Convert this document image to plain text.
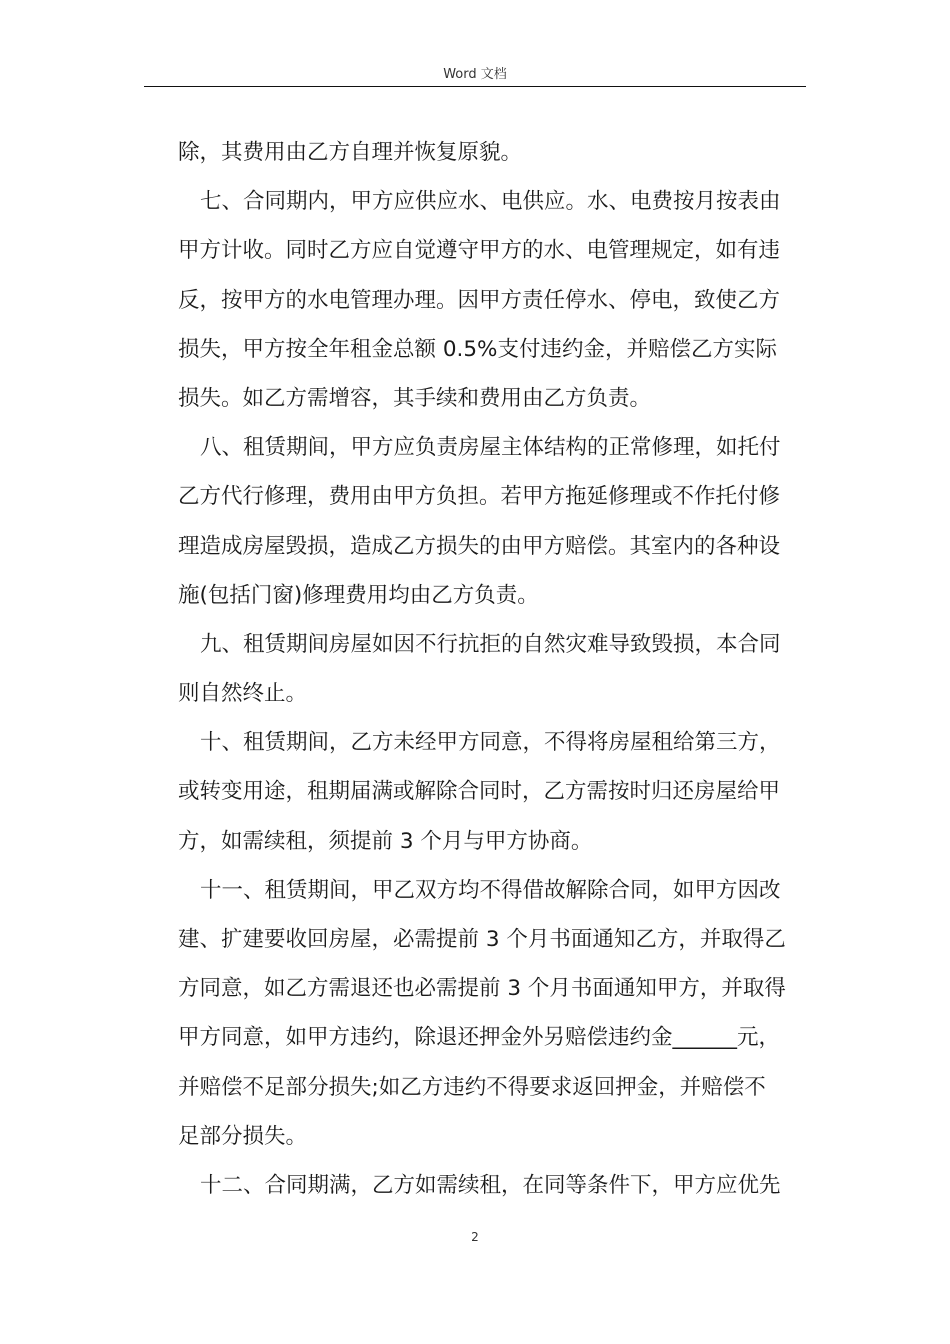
Word 文档
除，其费用由乙方自理并恢复原貌。
七、合同期内，甲方应供应水、电供应。水、电费按月按表由
甲方计收。同时乙方应自觉遵守甲方的水、电管理规定，如有违
反，按甲方的水电管理办理。因甲方责任停水、停电，致使乙方
损失，甲方按全年租金总额 0.5%支付违约金，并赔偿乙方实际
损失。如乙方需增容，其手续和费用由乙方负责。
八、租赁期间，甲方应负责房屋主体结构的正常修理，如托付
乙方代行修理，费用由甲方负担。若甲方拖延修理或不作托付修
理造成房屋毁损，造成乙方损失的由甲方赔偿。其室内的各种设
施(包括门窗)修理费用均由乙方负责。
九、租赁期间房屋如因不行抗拒的自然灾难导致毁损，本合同
则自然终止。
十、租赁期间，乙方未经甲方同意，不得将房屋租给第三方，
或转变用途，租期届满或解除合同时，乙方需按时归还房屋给甲
方，如需续租，须提前 3 个月与甲方协商。
十一、租赁期间，甲乙双方均不得借故解除合同，如甲方因改
建、扩建要收回房屋，必需提前 3 个月书面通知乙方，并取得乙
方同意，如乙方需退还也必需提前 3 个月书面通知甲方，并取得
甲方同意，如甲方违约，除退还押金外另赔偿违约金______元，
并赔偿不足部分损失;如乙方违约不得要求返回押金，并赔偿不
足部分损失。
十二、合同期满，乙方如需续租，在同等条件下，甲方应优先
2
